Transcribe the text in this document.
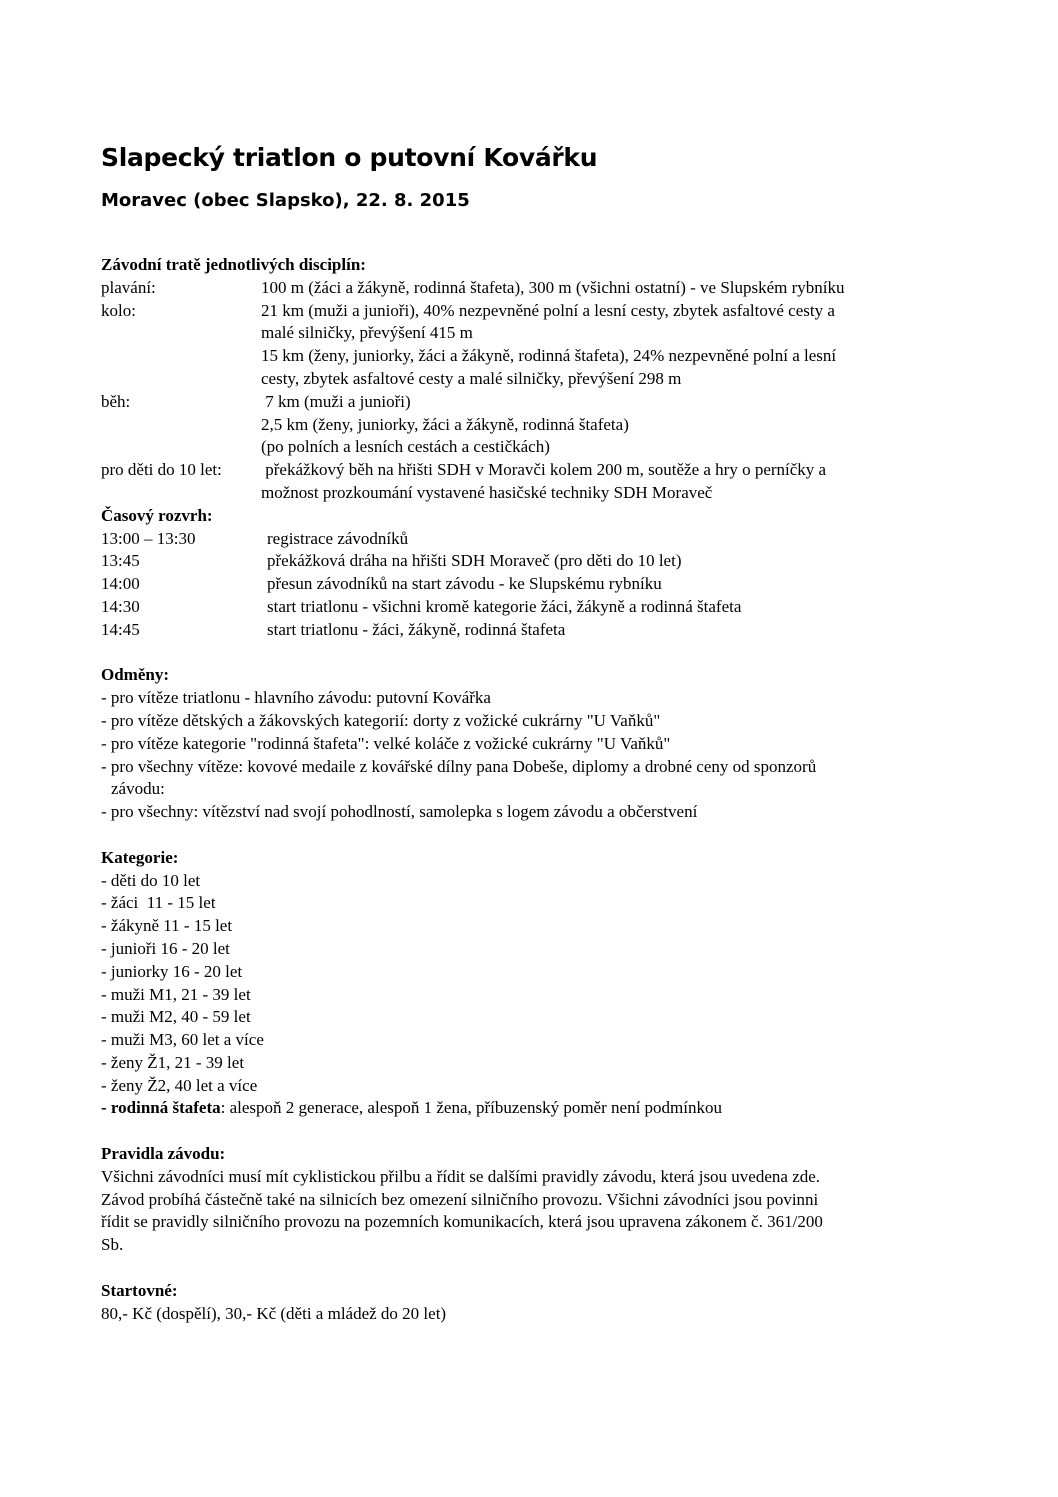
Slapecký triatlon o putovní Kovářku
Moravec (obec Slapsko), 22. 8. 2015

Závodní tratě jednotlivých disciplín:

plavání:	100 m (žáci a žákyně, rodinná štafeta), 300 m (všichni ostatní) - ve Slupském rybníku
kolo:	21 km (muži a junioři), 40% nezpevněné polní a lesní cesty, zbytek asfaltové cesty a
malé silničky, převýšení 415 m
15 km (ženy, juniorky, žáci a žákyně, rodinná štafeta), 24% nezpevněné polní a lesní
cesty, zbytek asfaltové cesty a malé silničky, převýšení 298 m
běh:	7 km (muži a junioři)
2,5 km (ženy, juniorky, žáci a žákyně, rodinná štafeta)
(po polních a lesních cestách a cestičkách)
pro děti do 10 let:	překážkový běh na hřišti SDH v Moravči kolem 200 m, soutěže a hry o perníčky a
možnost prozkoumání vystavené hasičské techniky SDH Moraveč

Časový rozvrh:

13:00 – 13:30	registrace závodníků
13:45	překážková dráha na hřišti SDH Moraveč (pro děti do 10 let)
14:00	přesun závodníků na start závodu - ke Slupskému rybníku
14:30	start triatlonu - všichni kromě kategorie žáci, žákyně a rodinná štafeta
14:45	start triatlonu - žáci, žákyně, rodinná štafeta

Odměny:

- pro vítěze triatlonu - hlavního závodu: putovní Kovářka

- pro vítěze dětských a žákovských kategorií: dorty z vožické cukrárny "U Vaňků"

- pro vítěze kategorie "rodinná štafeta": velké koláče z vožické cukrárny "U Vaňků"

- pro všechny vítěze: kovové medaile z kovářské dílny pana Dobeše, diplomy a drobné ceny od sponzorů

závodu:

- pro všechny: vítězství nad svojí pohodlností, samolepka s logem závodu a občerstvení

Kategorie:

- děti do 10 let

- žáci  11 - 15 let

- žákyně 11 - 15 let

- junioři 16 - 20 let

- juniorky 16 - 20 let

- muži M1, 21 - 39 let

- muži M2, 40 - 59 let

- muži M3, 60 let a více

- ženy Ž1, 21 - 39 let

- ženy Ž2, 40 let a více

- rodinná štafeta: alespoň 2 generace, alespoň 1 žena, příbuzenský poměr není podmínkou

Pravidla závodu:

Všichni závodníci musí mít cyklistickou přilbu a řídit se dalšími pravidly závodu, která jsou uvedena zde.

Závod probíhá částečně také na silnicích bez omezení silničního provozu. Všichni závodníci jsou povinni

řídit se pravidly silničního provozu na pozemních komunikacích, která jsou upravena zákonem č. 361/200

Sb.

Startovné:

80,- Kč (dospělí), 30,- Kč (děti a mládež do 20 let)
